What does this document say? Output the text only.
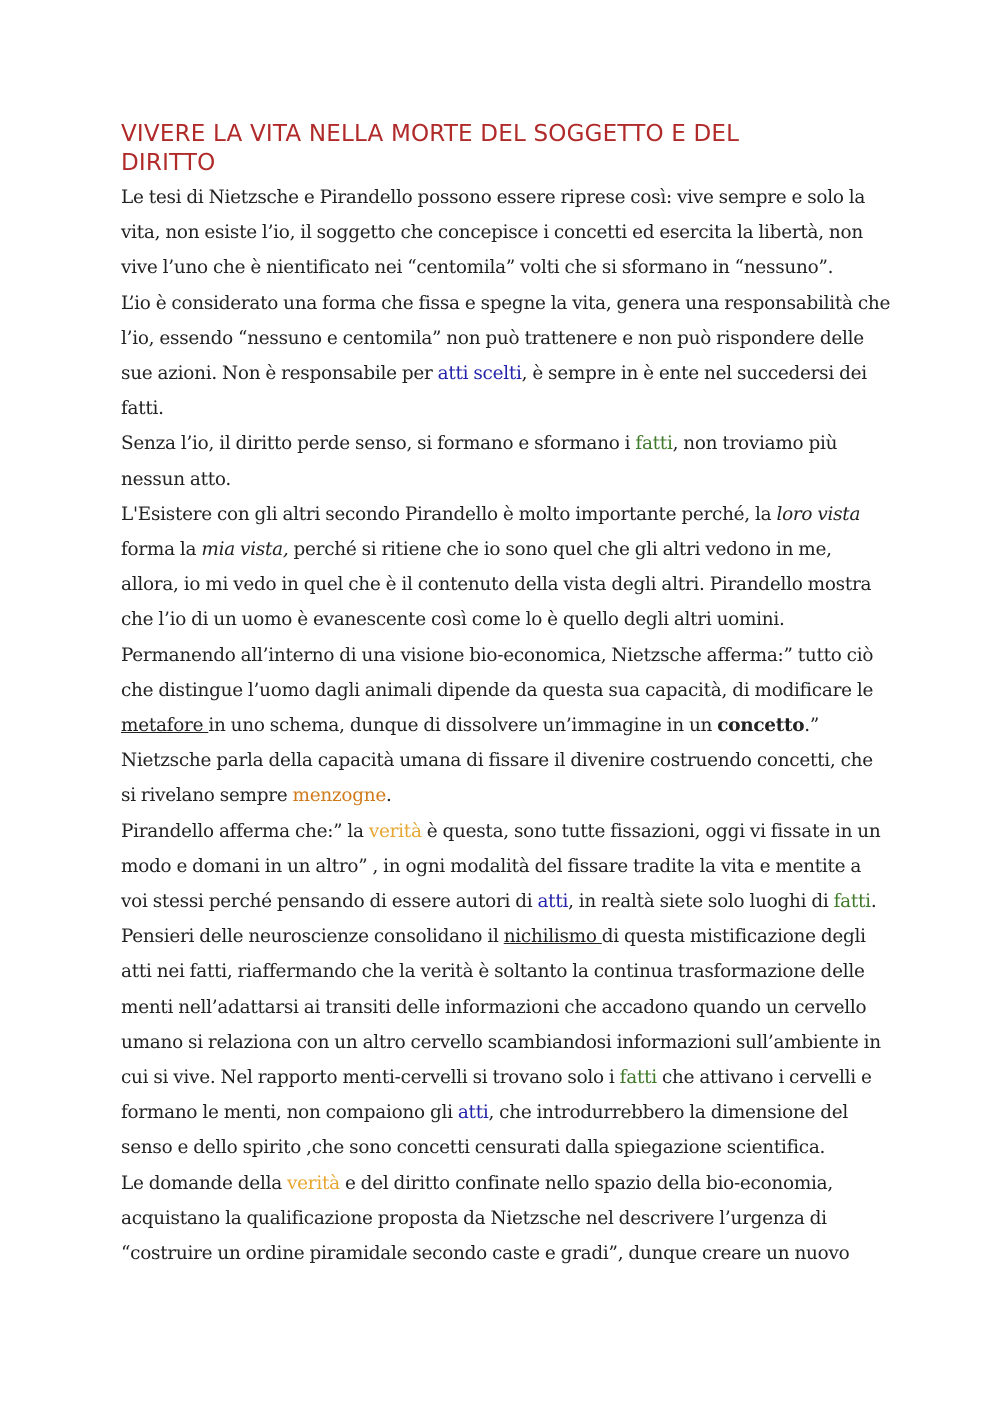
VIVERE LA VITA NELLA MORTE DEL SOGGETTO E DEL DIRITTO

Le tesi di Nietzsche e Pirandello possono essere riprese così: vive sempre e solo la vita, non esiste l’io, il soggetto che concepisce i concetti ed esercita la libertà, non vive l’uno che è nientificato nei “centomila” volti che si sformano in “nessuno”.

L’io è considerato una forma che fissa e spegne la vita, genera una responsabilità che l’io, essendo “nessuno e centomila” non può trattenere e non può rispondere delle sue azioni. Non è responsabile per atti scelti, è sempre in è ente nel succedersi dei fatti.

Senza l’io, il diritto perde senso, si formano e sformano i fatti, non troviamo più nessun atto.

L'Esistere con gli altri secondo Pirandello è molto importante perché, la loro vista forma la mia vista, perché si ritiene che io sono quel che gli altri vedono in me, allora, io mi vedo in quel che è il contenuto della vista degli altri. Pirandello mostra che l’io di un uomo è evanescente così come lo è quello degli altri uomini.

Permanendo all’interno di una visione bio-economica, Nietzsche afferma:” tutto ciò che distingue l’uomo dagli animali dipende da questa sua capacità, di modificare le metafore in uno schema, dunque di dissolvere un’immagine in un concetto.”

Nietzsche parla della capacità umana di fissare il divenire costruendo concetti, che si rivelano sempre menzogne.

Pirandello afferma che:” la verità è questa, sono tutte fissazioni, oggi vi fissate in un modo e domani in un altro” , in ogni modalità del fissare tradite la vita e mentite a voi stessi perché pensando di essere autori di atti, in realtà siete solo luoghi di fatti.

Pensieri delle neuroscienze consolidano il nichilismo di questa mistificazione degli atti nei fatti, riaffermando che la verità è soltanto la continua trasformazione delle menti nell’adattarsi ai transiti delle informazioni che accadono quando un cervello umano si relaziona con un altro cervello scambiandosi informazioni sull’ambiente in cui si vive. Nel rapporto menti-cervelli si trovano solo i fatti che attivano i cervelli e formano le menti, non compaiono gli atti, che introdurrebbero la dimensione del senso e dello spirito ,che sono concetti censurati dalla spiegazione scientifica.

Le domande della verità e del diritto confinate nello spazio della bio-economia, acquistano la qualificazione proposta da Nietzsche nel descrivere l’urgenza di “costruire un ordine piramidale secondo caste e gradi”, dunque creare un nuovo
